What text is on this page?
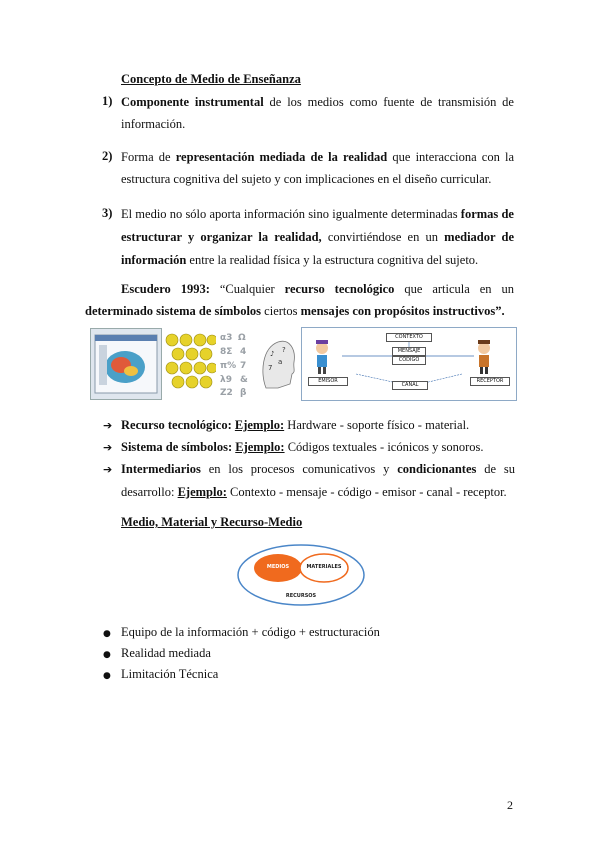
Concepto de Medio de Enseñanza
1) Componente instrumental de los medios como fuente de transmisión de información.
2) Forma de representación mediada de la realidad que interacciona con la estructura cognitiva del sujeto y con implicaciones en el diseño curricular.
3) El medio no sólo aporta información sino igualmente determinadas formas de estructurar y organizar la realidad, convirtiéndose en un mediador de información entre la realidad física y la estructura cognitiva del sujeto.
Escudero 1993: “Cualquier recurso tecnológico que articula en un determinado sistema de símbolos ciertos mensajes con propósitos instructivos”.
α3 Ω
8Σ 4
π% 7
λ9 &
Z2 β
♪
a
7
?
CONTEXTO
MENSAJE
CÓDIGO
EMISOR
CANAL
RECEPTOR
➔ Recurso tecnológico: Ejemplo: Hardware - soporte físico - material.
➔ Sistema de símbolos: Ejemplo: Códigos textuales - icónicos y sonoros.
➔ Intermediarios en los procesos comunicativos y condicionantes de su desarrollo: Ejemplo: Contexto - mensaje - código - emisor - canal - receptor.
Medio, Material y Recurso-Medio
MEDIOS	MATERIALES
RECURSOS
● Equipo de la información + código + estructuración
● Realidad mediada
● Limitación Técnica
2
